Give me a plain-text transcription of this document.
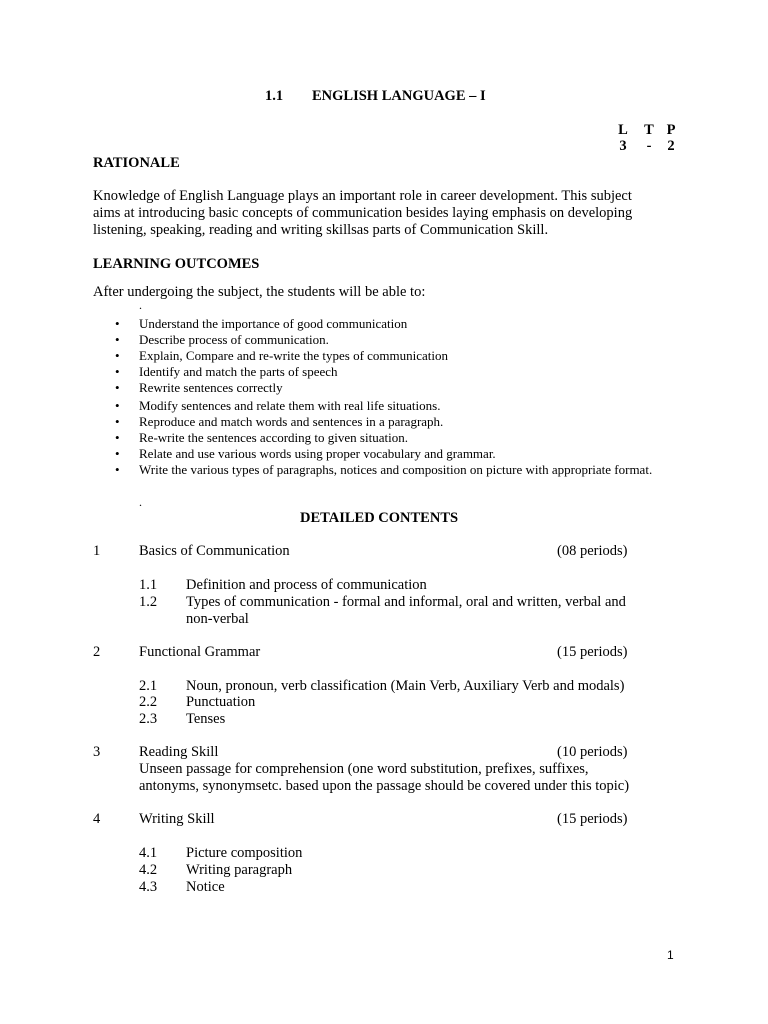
1.1 ENGLISH LANGUAGE – I
L T P
3	-	2
RATIONALE
Knowledge of English Language plays an important role in career development. This subject
aims at introducing basic concepts of communication besides laying emphasis on developing
listening, speaking, reading and writing skillsas parts of Communication Skill.
LEARNING OUTCOMES
After undergoing the subject, the students will be able to:
.
• Understand the importance of good communication
• Describe process of communication.
• Explain, Compare and re-write the types of communication
• Identify and match the parts of speech
• Rewrite sentences correctly
• Modify sentences and relate them with real life situations.
• Reproduce and match words and sentences in a paragraph.
• Re-write the sentences according to given situation.
• Relate and use various words using proper vocabulary and grammar.
• Write the various types of paragraphs, notices and composition on picture with appropriate format.
.
DETAILED CONTENTS
1	Basics of Communication	(08 periods)
1.1 Definition and process of communication
1.2 Types of communication - formal and informal, oral and written, verbal and
non-verbal
2	Functional Grammar	(15 periods)
2.1 Noun, pronoun, verb classification (Main Verb, Auxiliary Verb and modals)
2.2 Punctuation
2.3 Tenses
3	Reading Skill	(10 periods)
Unseen passage for comprehension (one word substitution, prefixes, suffixes,
antonyms, synonymsetc. based upon the passage should be covered under this topic)
4	Writing Skill	(15 periods)
4.1 Picture composition
4.2 Writing paragraph
4.3 Notice
1
